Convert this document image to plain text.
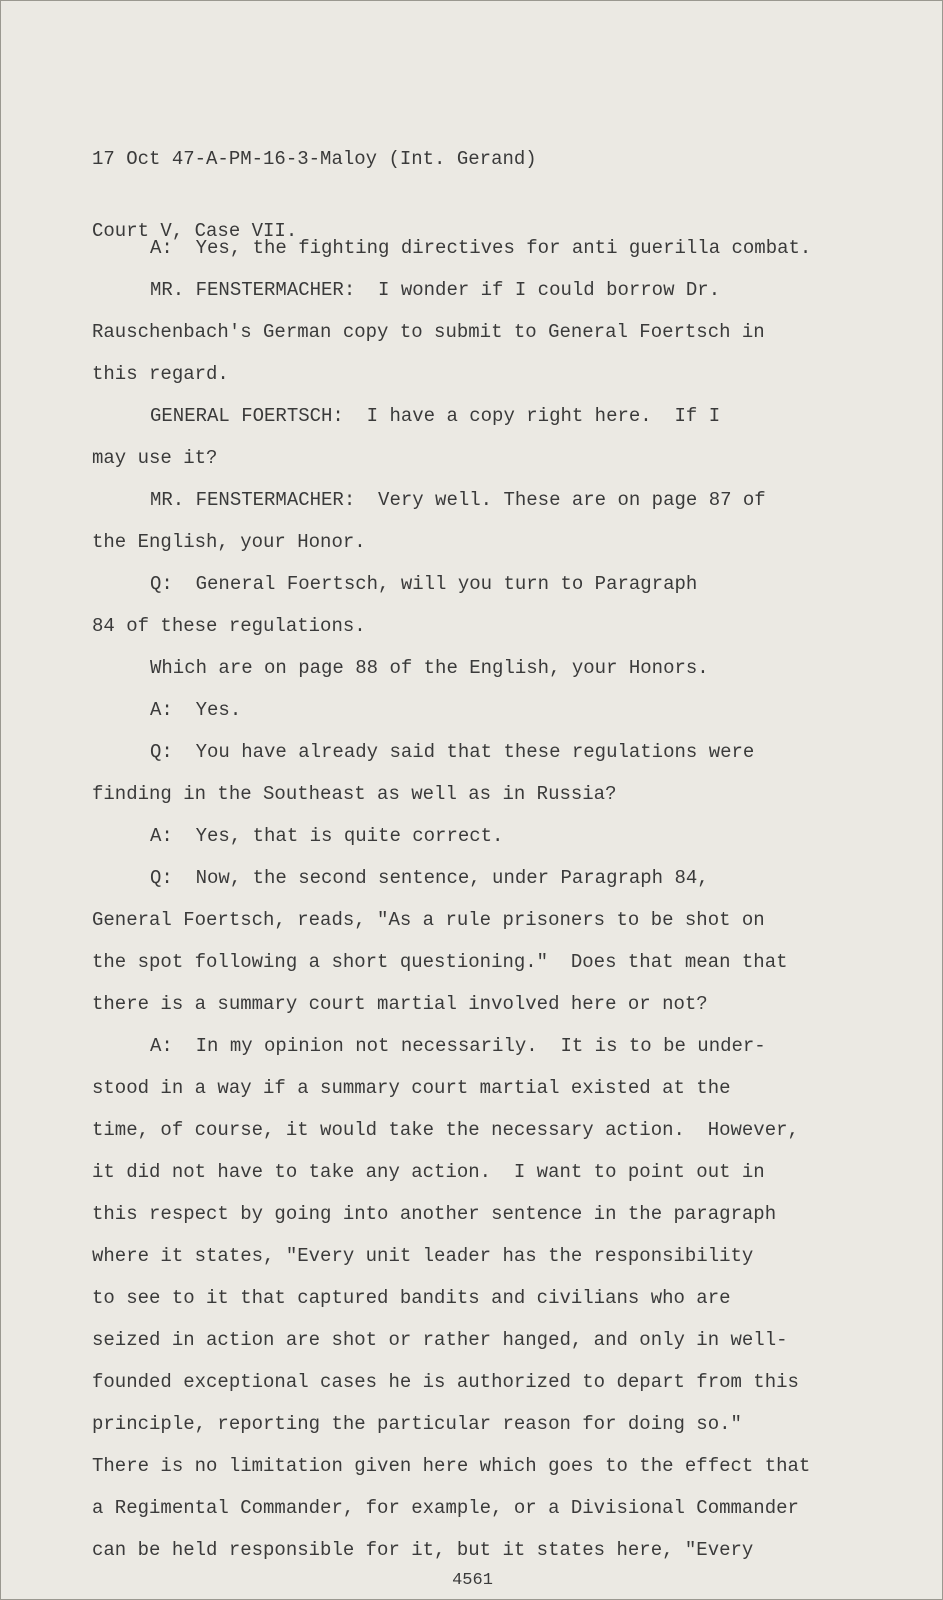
17 Oct 47-A-PM-16-3-Maloy (Int. Gerand)

Court V, Case VII.

A:  Yes, the fighting directives for anti guerilla combat.
MR. FENSTERMACHER:  I wonder if I could borrow Dr.
Rauschenbach's German copy to submit to General Foertsch in
this regard.
GENERAL FOERTSCH:  I have a copy right here.  If I
may use it?
MR. FENSTERMACHER:  Very well. These are on page 87 of
the English, your Honor.
Q:  General Foertsch, will you turn to Paragraph
84 of these regulations.
Which are on page 88 of the English, your Honors.
A:  Yes.
Q:  You have already said that these regulations were
finding in the Southeast as well as in Russia?
A:  Yes, that is quite correct.
Q:  Now, the second sentence, under Paragraph 84,
General Foertsch, reads, "As a rule prisoners to be shot on
the spot following a short questioning."  Does that mean that
there is a summary court martial involved here or not?
A:  In my opinion not necessarily.  It is to be under-
stood in a way if a summary court martial existed at the
time, of course, it would take the necessary action.  However,
it did not have to take any action.  I want to point out in
this respect by going into another sentence in the paragraph
where it states, "Every unit leader has the responsibility
to see to it that captured bandits and civilians who are
seized in action are shot or rather hanged, and only in well-
founded exceptional cases he is authorized to depart from this
principle, reporting the particular reason for doing so."
There is no limitation given here which goes to the effect that
a Regimental Commander, for example, or a Divisional Commander
can be held responsible for it, but it states here, "Every
4561
